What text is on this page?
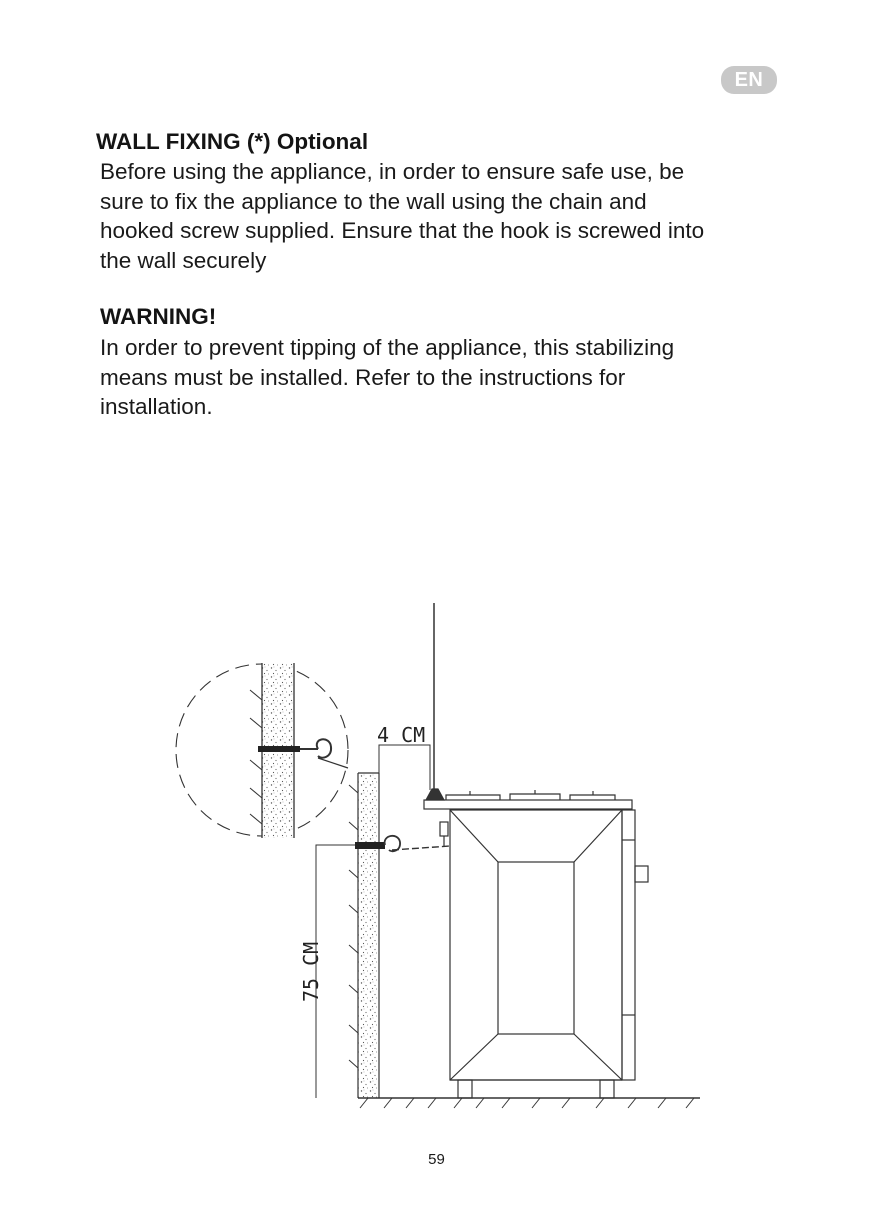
EN
WALL FIXING (*) Optional

Before using the appliance, in order to ensure safe use, be
sure to fix the appliance to the wall using the chain and
hooked screw supplied. Ensure that the hook is screwed into
the wall securely

WARNING!

In order to prevent tipping of the appliance, this stabilizing
means must be installed. Refer to the instructions for
installation.

4 CM
75 CM
59
